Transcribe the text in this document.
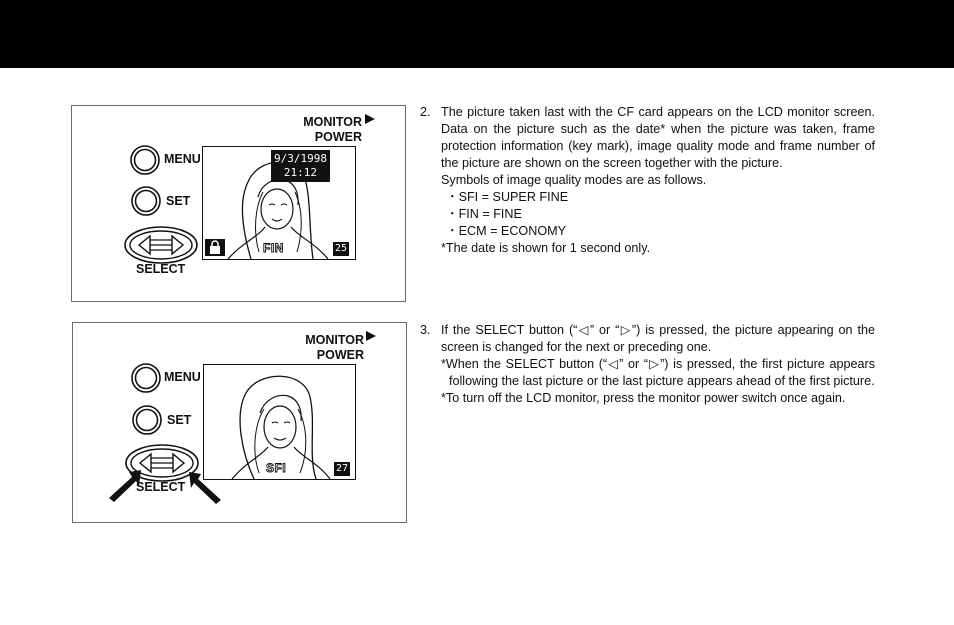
MONITOR
POWER
MENU
SET
SELECT
9/3/1998
21:12
FIN	25
MONITOR
POWER
MENU
SET
SELECT
SFI	27
2. The picture taken last with the CF card appears on the LCD monitor screen. Data on the picture such as the date* when the picture was taken, frame protection information (key mark), image quality mode and frame number of the picture are shown on the screen together with the picture.

Symbols of image quality modes are as follows.

・SFI = SUPER FINE

・FIN = FINE

・ECM = ECONOMY

*The date is shown for 1 second only.

3. If the SELECT button (“◁” or “▷”) is pressed, the picture appearing on the screen is changed for the next or preceding one.

*When the SELECT button (“◁” or “▷”) is pressed, the first picture appears following the last picture or the last picture appears ahead of the first picture.

*To turn off the LCD monitor, press the monitor power switch once again.
